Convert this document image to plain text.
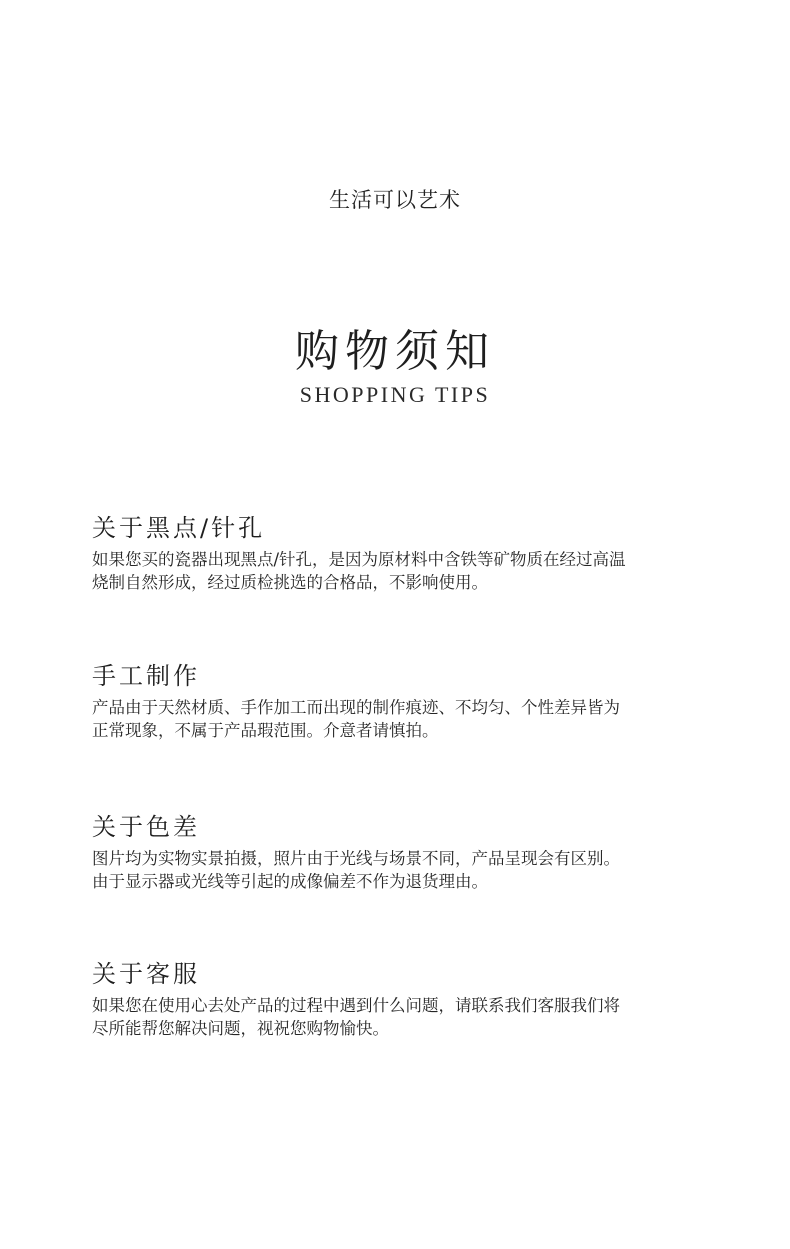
生活可以艺术
购物须知
SHOPPING TIPS
关于黑点/针孔

如果您买的瓷器出现黑点/针孔，是因为原材料中含铁等矿物质在经过高温
烧制自然形成，经过质检挑选的合格品，不影响使用。

手工制作

产品由于天然材质、手作加工而出现的制作痕迹、不均匀、个性差异皆为
正常现象，不属于产品瑕范围。介意者请慎拍。

关于色差

图片均为实物实景拍摄，照片由于光线与场景不同，产品呈现会有区别。
由于显示器或光线等引起的成像偏差不作为退货理由。

关于客服

如果您在使用心去处产品的过程中遇到什么问题，请联系我们客服我们将
尽所能帮您解决问题，视祝您购物愉快。
